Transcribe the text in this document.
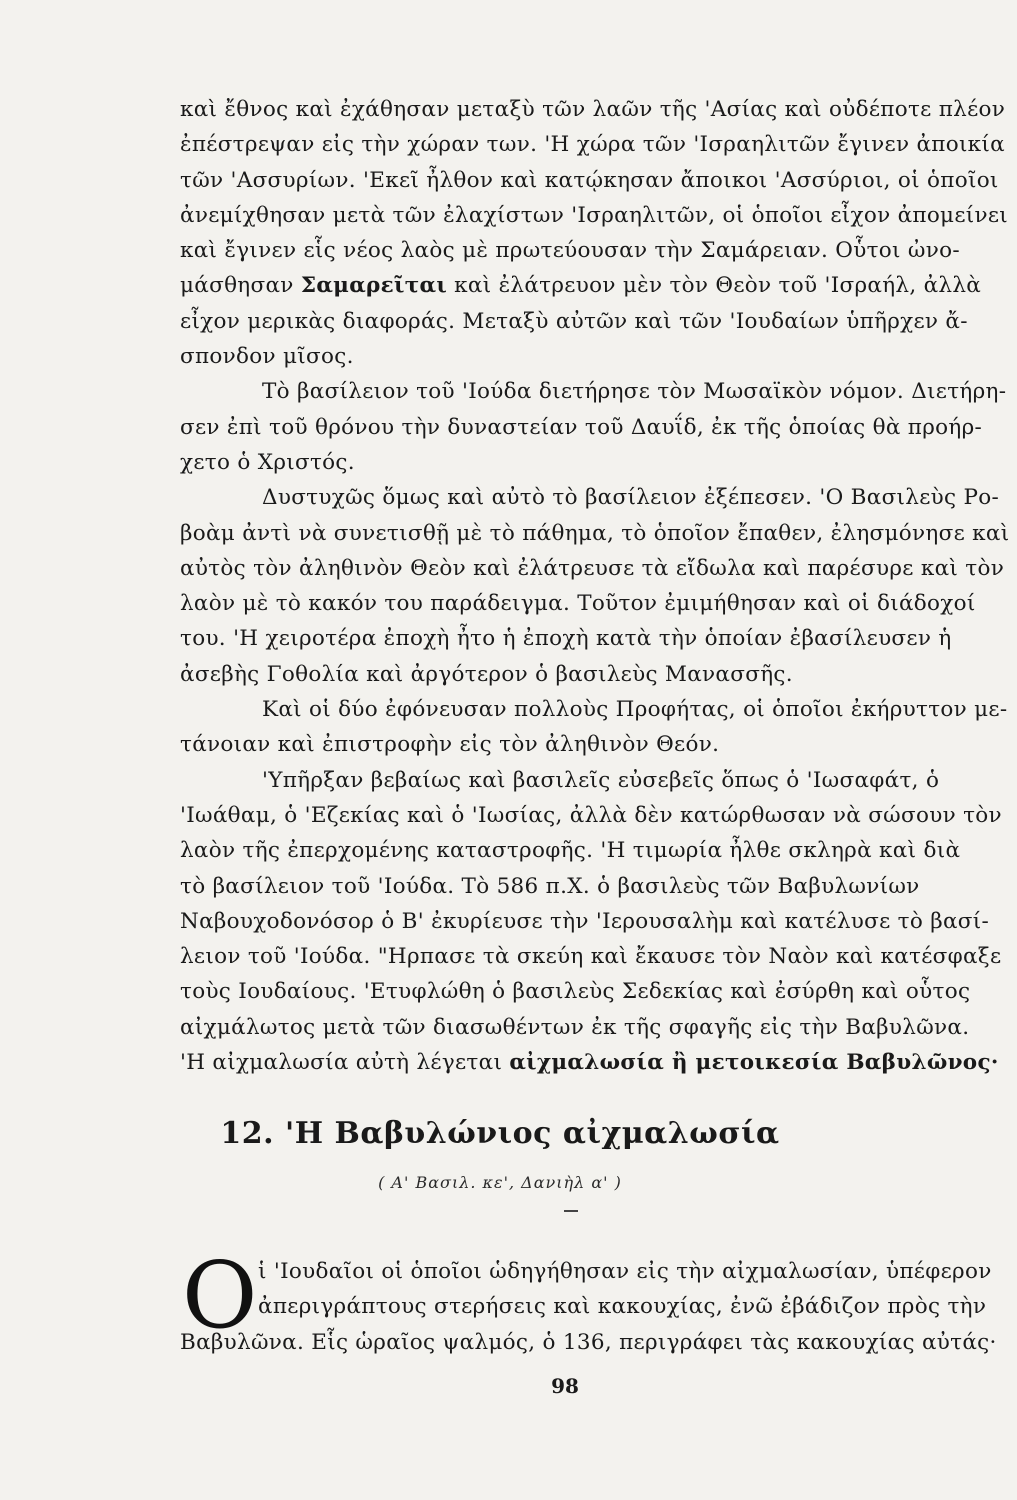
καὶ ἔθνος καὶ ἐχάθησαν μεταξὺ τῶν λαῶν τῆς 'Ασίας καὶ οὐδέποτε πλέον
ἐπέστρεψαν εἰς τὴν χώραν των. 'Η χώρα τῶν 'Ισραηλιτῶν ἔγινεν ἀποικία
τῶν 'Ασσυρίων. 'Εκεῖ ἦλθον καὶ κατῴκησαν ἄποικοι 'Ασσύριοι, οἱ ὁποῖοι
ἀνεμίχθησαν μετὰ τῶν ἐλαχίστων 'Ισραηλιτῶν, οἱ ὁποῖοι εἶχον ἀπομείνει
καὶ ἔγινεν εἷς νέος λαὸς μὲ πρωτεύουσαν τὴν Σαμάρειαν. Οὗτοι ὠνο-
μάσθησαν Σαμαρεῖται καὶ ἐλάτρευον μὲν τὸν Θεὸν τοῦ 'Ισραήλ, ἀλλὰ
εἶχον μερικὰς διαφοράς. Μεταξὺ αὐτῶν καὶ τῶν 'Ιουδαίων ὑπῆρχεν ἄ-
σπονδον μῖσος.
Τὸ βασίλειον τοῦ 'Ιούδα διετήρησε τὸν Μωσαϊκὸν νόμον. Διετήρη-
σεν ἐπὶ τοῦ θρόνου τὴν δυναστείαν τοῦ Δαυΐδ, ἐκ τῆς ὁποίας θὰ προήρ-
χετο ὁ Χριστός.
Δυστυχῶς ὅμως καὶ αὐτὸ τὸ βασίλειον ἐξέπεσεν. 'Ο Βασιλεὺς Ρο-
βοὰμ ἀντὶ νὰ συνετισθῇ μὲ τὸ πάθημα, τὸ ὁποῖον ἔπαθεν, ἐλησμόνησε καὶ
αὐτὸς τὸν ἀληθινὸν Θεὸν καὶ ἐλάτρευσε τὰ εἴδωλα καὶ παρέσυρε καὶ τὸν
λαὸν μὲ τὸ κακόν του παράδειγμα. Τοῦτον ἐμιμήθησαν καὶ οἱ διάδοχοί
του. 'Η χειροτέρα ἐποχὴ ἦτο ἡ ἐποχὴ κατὰ τὴν ὁποίαν ἐβασίλευσεν ἡ
ἀσεβὴς Γοθολία καὶ ἀργότερον ὁ βασιλεὺς Μανασσῆς.
Καὶ οἱ δύο ἐφόνευσαν πολλοὺς Προφήτας, οἱ ὁποῖοι ἐκήρυττον με-
τάνοιαν καὶ ἐπιστροφὴν εἰς τὸν ἀληθινὸν Θεόν.
'Υπῆρξαν βεβαίως καὶ βασιλεῖς εὐσεβεῖς ὅπως ὁ 'Ιωσαφάτ, ὁ
'Ιωάθαμ, ὁ 'Εζεκίας καὶ ὁ 'Ιωσίας, ἀλλὰ δὲν κατώρθωσαν νὰ σώσουν τὸν
λαὸν τῆς ἐπερχομένης καταστροφῆς. 'Η τιμωρία ἦλθε σκληρὰ καὶ διὰ
τὸ βασίλειον τοῦ 'Ιούδα. Τὸ 586 π.Χ. ὁ βασιλεὺς τῶν Βαβυλωνίων
Ναβουχοδονόσορ ὁ Β' ἐκυρίευσε τὴν 'Ιερουσαλὴμ καὶ κατέλυσε τὸ βασί-
λειον τοῦ 'Ιούδα. "Ηρπασε τὰ σκεύη καὶ ἔκαυσε τὸν Ναὸν καὶ κατέσφαξε
τοὺς Ιουδαίους. 'Ετυφλώθη ὁ βασιλεὺς Σεδεκίας καὶ ἐσύρθη καὶ οὗτος
αἰχμάλωτος μετὰ τῶν διασωθέντων ἐκ τῆς σφαγῆς εἰς τὴν Βαβυλῶνα.
'Η αἰχμαλωσία αὐτὴ λέγεται αἰχμαλωσία ἢ μετοικεσία Βαβυλῶνος·
12. 'Η Βαβυλώνιος αἰχμαλωσία
( Α' Βασιλ. κε', Δανιὴλ α' )
O ἱ 'Ιουδαῖοι οἱ ὁποῖοι ὡδηγήθησαν εἰς τὴν αἰχμαλωσίαν, ὑπέφερον
ἀπεριγράπτους στερήσεις καὶ κακουχίας, ἐνῶ ἐβάδιζον πρὸς τὴν
Βαβυλῶνα. Εἷς ὡραῖος ψαλμός, ὁ 136, περιγράφει τὰς κακουχίας αὐτάς·
98
